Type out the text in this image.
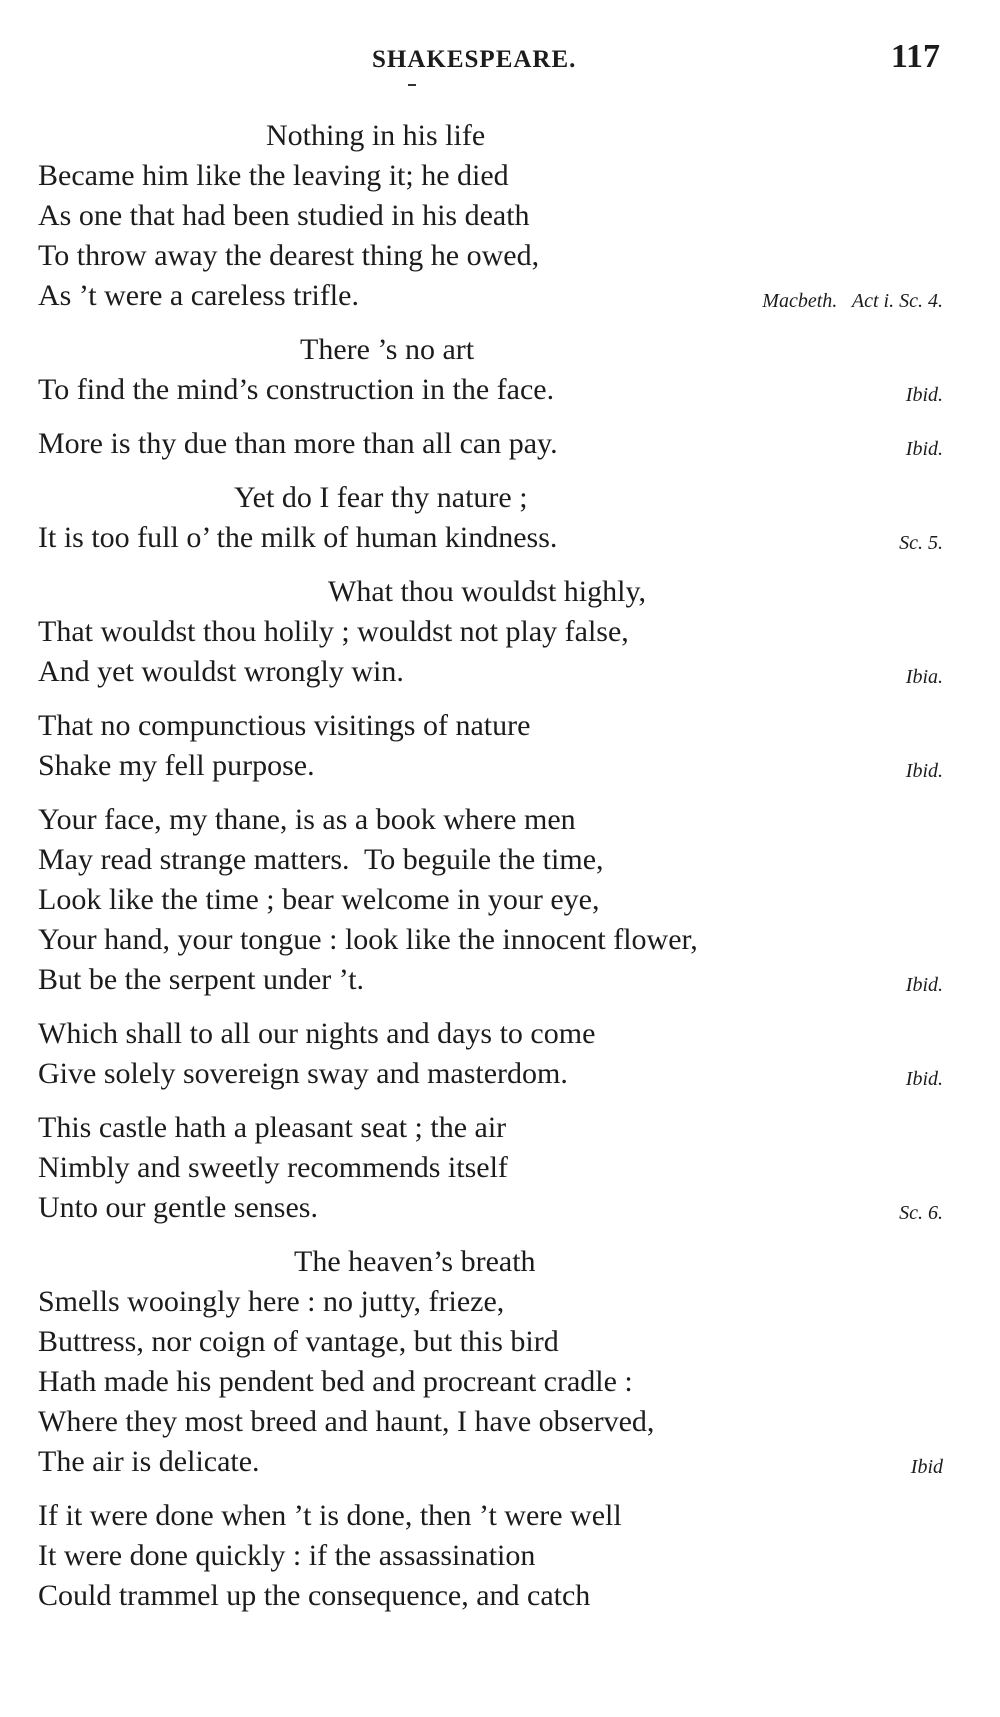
SHAKESPEARE.	117
Nothing in his life
Became him like the leaving it; he died
As one that had been studied in his death
To throw away the dearest thing he owed,
As ’t were a careless trifle.	Macbeth.   Act i. Sc. 4.
There ’s no art
To find the mind’s construction in the face.	Ibid.
More is thy due than more than all can pay.	Ibid.
Yet do I fear thy nature ;
It is too full o’ the milk of human kindness.	Sc. 5.
What thou wouldst highly,
That wouldst thou holily ; wouldst not play false,
And yet wouldst wrongly win.	Ibia.
That no compunctious visitings of nature
Shake my fell purpose.	Ibid.
Your face, my thane, is as a book where men
May read strange matters.  To beguile the time,
Look like the time ; bear welcome in your eye,
Your hand, your tongue : look like the innocent flower,
But be the serpent under ’t.	Ibid.
Which shall to all our nights and days to come
Give solely sovereign sway and masterdom.	Ibid.
This castle hath a pleasant seat ; the air
Nimbly and sweetly recommends itself
Unto our gentle senses.	Sc. 6.
The heaven’s breath
Smells wooingly here : no jutty, frieze,
Buttress, nor coign of vantage, but this bird
Hath made his pendent bed and procreant cradle :
Where they most breed and haunt, I have observed,
The air is delicate.	Ibid
If it were done when ’t is done, then ’t were well
It were done quickly : if the assassination
Could trammel up the consequence, and catch
